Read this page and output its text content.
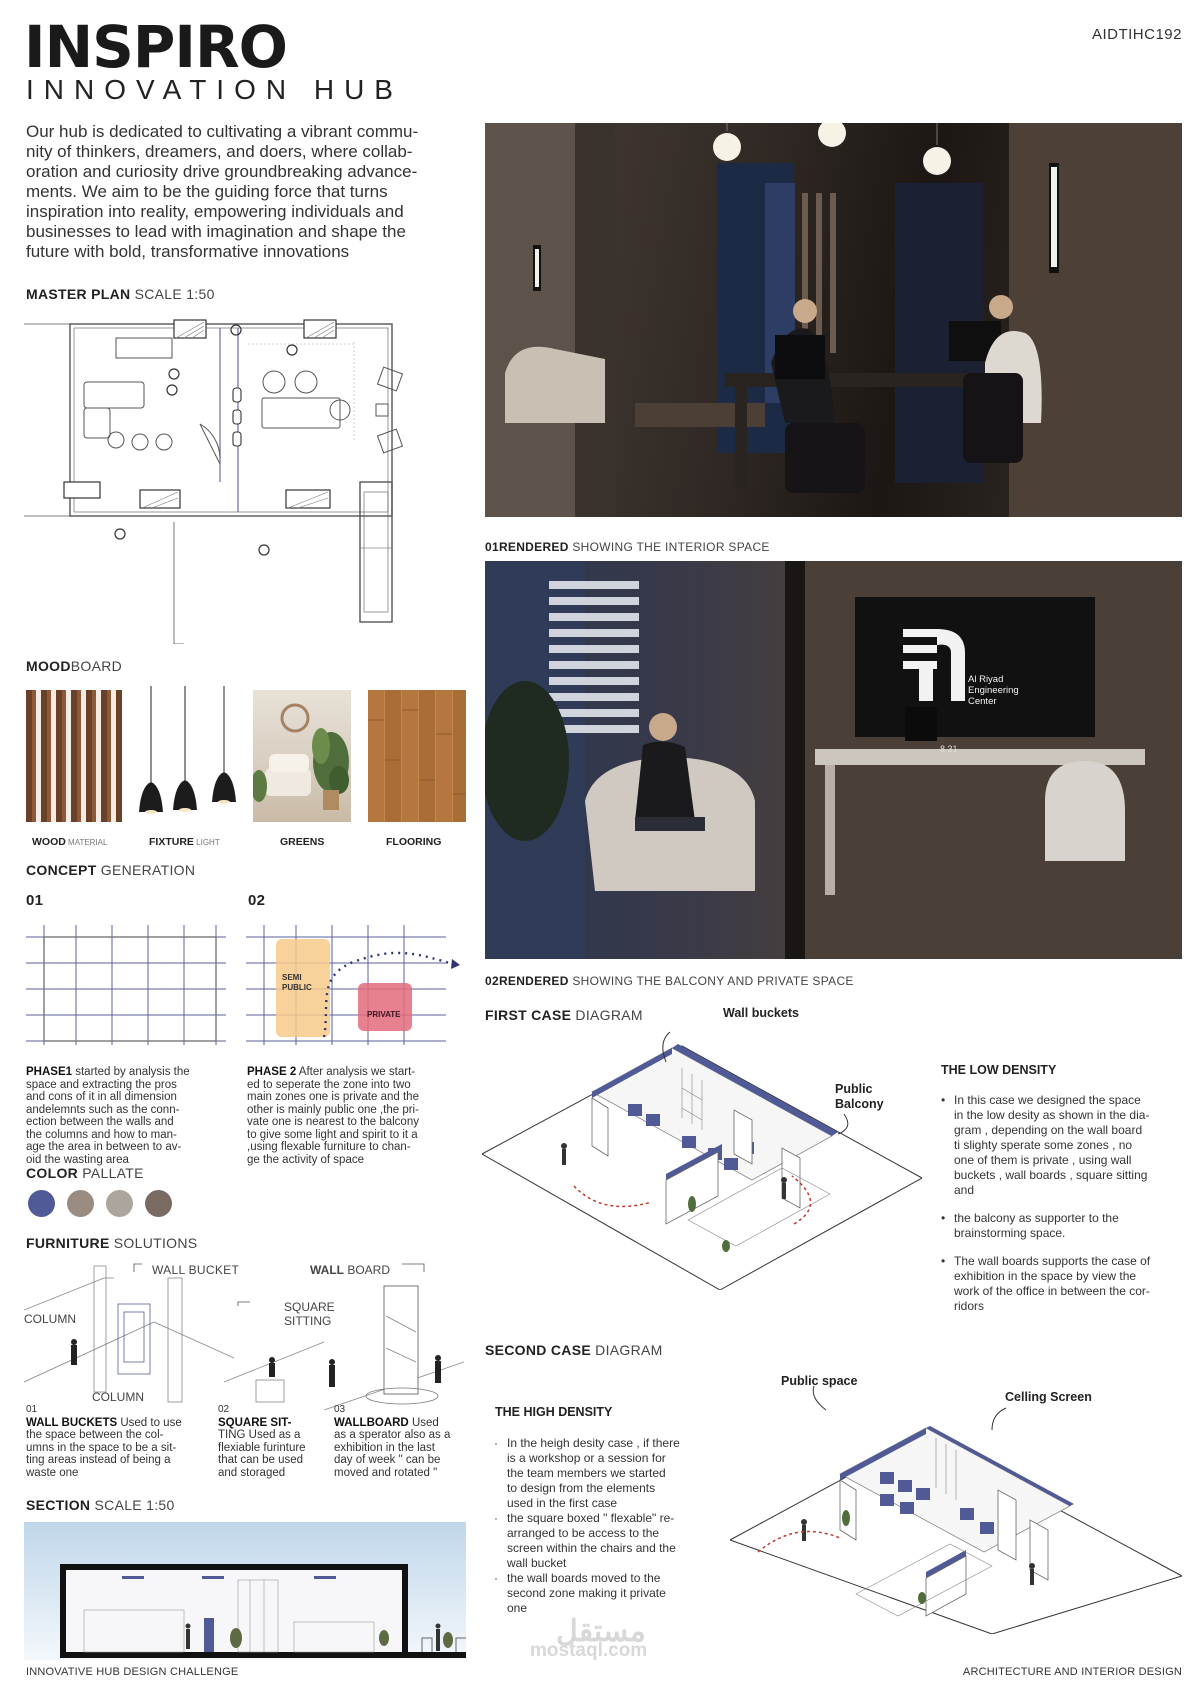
INSPIRO
INNOVATION HUB
AIDTIHC192
Our hub is dedicated to cultivating a vibrant commu-
nity of thinkers, dreamers, and doers, where collab-
oration and curiosity drive groundbreaking advance-
ments. We aim to be the guiding force that turns
inspiration into reality, empowering individuals and
businesses to lead with imagination and shape the
future with bold, transformative innovations
MASTER PLAN SCALE 1:50
MOODBOARD
WOOD MATERIAL	FIXTURE LIGHT	GREENS	FLOORING
CONCEPT GENERATION
01	02
SEMI PUBLIC
PRIVATE
PHASE1 started by analysis the
space and extracting the pros
and cons of it in all dimension
andelemnts such as the conn-
ection between the walls and
the columns and how to man-
age the area in between to av-
oid the wasting area
PHASE 2 After analysis we start-
ed to seperate the zone into two
main zones one is private and the
other is mainly public one ,the pri-
vate one is nearest to the balcony
to give some light and spirit to it a
,using flexable furniture to chan-
ge the activity of space
COLOR PALLATE
FURNITURE SOLUTIONS
WALL BUCKET
COLUMN
COLUMN
SQUARE
SITTING
WALL BOARD
01
WALL BUCKETS Used to use
the space between the col-
umns in the space to be a sit-
ting areas instead of being a
waste one
02
SQUARE SIT-
TING Used as a
flexiable furinture
that can be used
and storaged
03
WALLBOARD Used
as a sperator also as a
exhibition in the last
day of week " can be
moved and rotated "
SECTION SCALE 1:50
INNOVATIVE HUB DESIGN CHALLENGE
01RENDERED SHOWING THE INTERIOR SPACE
Al Riyad
Engineering
Center
8 31
02RENDERED SHOWING THE BALCONY AND PRIVATE SPACE
FIRST CASE DIAGRAM	Wall buckets
Public
Balcony
THE LOW DENSITY
• In this case we designed the space
in the low desity as shown in the dia-
gram , depending on the wall board
ti slighty sperate some zones , no
one of them is private , using wall
buckets , wall boards , square sitting
and
• the balcony as supporter to the
brainstorming space.
• The wall boards supports the case of
exhibition in the space by view the
work of the office in between the cor-
ridors
SECOND CASE DIAGRAM
Public space
Celling Screen
THE HIGH DENSITY
· In the heigh desity case , if there
is a workshop or a session for
the team members we started
to design from the elements
used in the first case
· the square boxed " flexable" re-
arranged to be access to the
screen within the chairs and the
wall bucket
· the wall boards moved to the
second zone making it private
one
مستقل
mostaql.com
ARCHITECTURE AND INTERIOR DESIGN
